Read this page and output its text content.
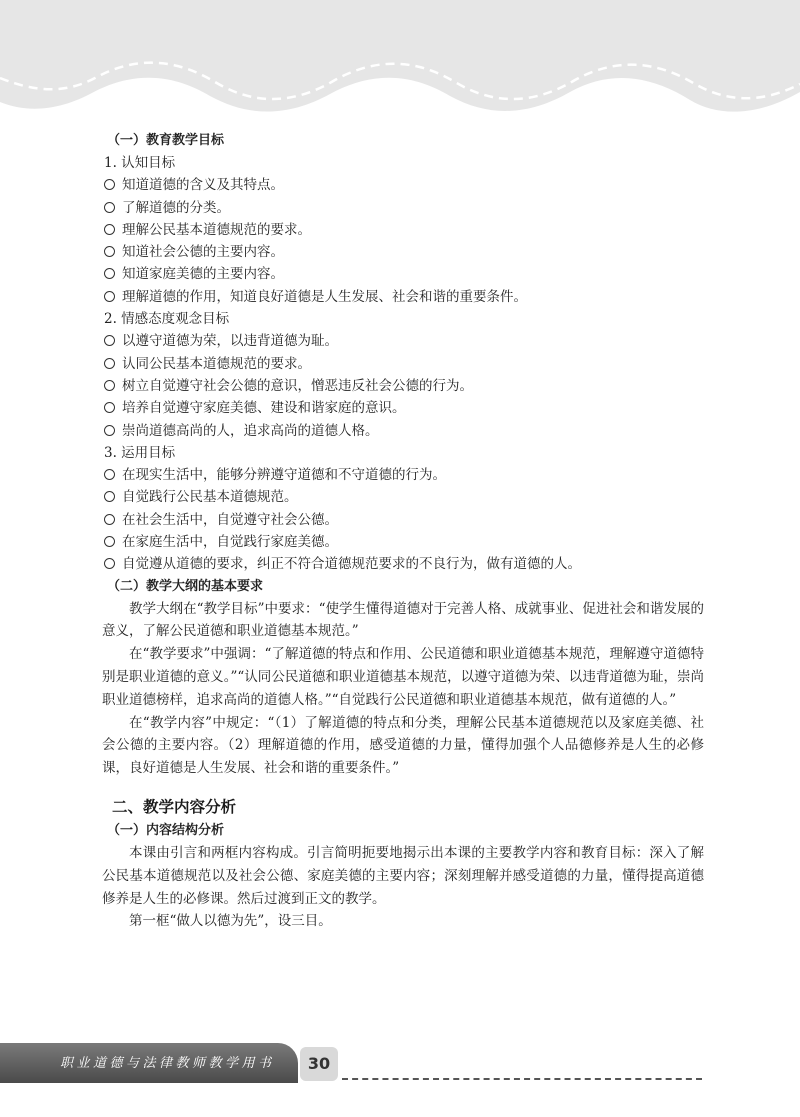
（一）教育教学目标
1. 认知目标
知道道德的含义及其特点。
了解道德的分类。
理解公民基本道德规范的要求。
知道社会公德的主要内容。
知道家庭美德的主要内容。
理解道德的作用，知道良好道德是人生发展、社会和谐的重要条件。
2. 情感态度观念目标
以遵守道德为荣，以违背道德为耻。
认同公民基本道德规范的要求。
树立自觉遵守社会公德的意识，憎恶违反社会公德的行为。
培养自觉遵守家庭美德、建设和谐家庭的意识。
崇尚道德高尚的人，追求高尚的道德人格。
3. 运用目标
在现实生活中，能够分辨遵守道德和不守道德的行为。
自觉践行公民基本道德规范。
在社会生活中，自觉遵守社会公德。
在家庭生活中，自觉践行家庭美德。
自觉遵从道德的要求，纠正不符合道德规范要求的不良行为，做有道德的人。
（二）教学大纲的基本要求

教学大纲在“教学目标”中要求：“使学生懂得道德对于完善人格、成就事业、促进社会和谐发展的意义，了解公民道德和职业道德基本规范。”

在“教学要求”中强调：“了解道德的特点和作用、公民道德和职业道德基本规范，理解遵守道德特别是职业道德的意义。”“认同公民道德和职业道德基本规范，以遵守道德为荣、以违背道德为耻，崇尚职业道德榜样，追求高尚的道德人格。”“自觉践行公民道德和职业道德基本规范，做有道德的人。”

在“教学内容”中规定：“（1）了解道德的特点和分类，理解公民基本道德规范以及家庭美德、社会公德的主要内容。（2）理解道德的作用，感受道德的力量，懂得加强个人品德修养是人生的必修课，良好道德是人生发展、社会和谐的重要条件。”

二、教学内容分析
（一）内容结构分析

本课由引言和两框内容构成。引言简明扼要地揭示出本课的主要教学内容和教育目标：深入了解公民基本道德规范以及社会公德、家庭美德的主要内容；深刻理解并感受道德的力量，懂得提高道德修养是人生的必修课。然后过渡到正文的教学。

第一框“做人以德为先”，设三目。

职业道德与法律教师教学用书	30
